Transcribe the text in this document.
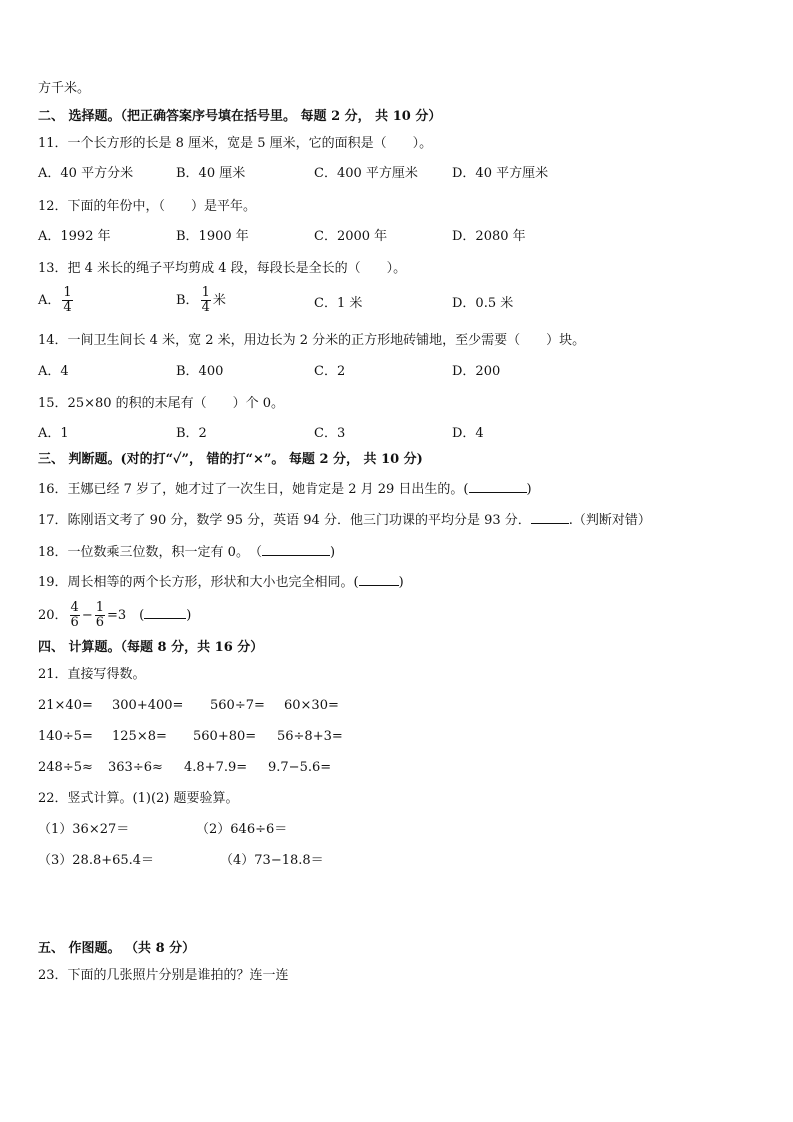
方千米。
二、 选择题。（把正确答案序号填在括号里。 每题 2 分， 共 10 分）
11．一个长方形的长是 8 厘米，宽是 5 厘米，它的面积是（　　）。
A．40 平方分米	B．40 厘米	C．400 平方厘米	D．40 平方厘米
12．下面的年份中，（　　）是平年。
A．1992 年	B．1900 年	C．2000 年	D．2080 年
13．把 4 米长的绳子平均剪成 4 段，每段长是全长的（　　）。
A． $\frac{1}{4}$	B． $\frac{1}{4}$ 米	C．1 米	D．0.5 米
14．一间卫生间长 4 米，宽 2 米，用边长为 2 分米的正方形地砖铺地，至少需要（　　）块。
A．4	B．400	C．2	D．200
15．25×80 的积的末尾有（　　）个 0。
A．1	B．2	C．3	D．4
三、 判断题。(对的打“✓”， 错的打“×”。 每题 2 分， 共 10 分)
16．王娜已经 7 岁了，她才过了一次生日，她肯定是 2 月 29 日出生的。(	)
17．陈刚语文考了 90 分，数学 95 分，英语 94 分．他三门功课的平均分是 93 分．	.（判断对错）
18．一位数乘三位数，积一定有 0。　（	)
19．周长相等的两个长方形，形状和大小也完全相同。(	)
20． $\frac{4}{6} - \frac{1}{6} =3$　(	)
四、 计算题。（每题 8 分，共 16 分）
21．直接写得数。
21×40= 300+400= 560÷7= 60×30=
140÷5= 125×8= 560+80= 56÷8+3=
248÷5≈ 363÷6≈ 4.8+7.9= 9.7−5.6=
22．竖式计算。(1)(2) 题要验算。
（1）36×27＝	（2）646÷6＝
（3）28.8+65.4＝	（4）73−18.8＝
五、 作图题。 （共 8 分）
23．下面的几张照片分别是谁拍的？连一连
